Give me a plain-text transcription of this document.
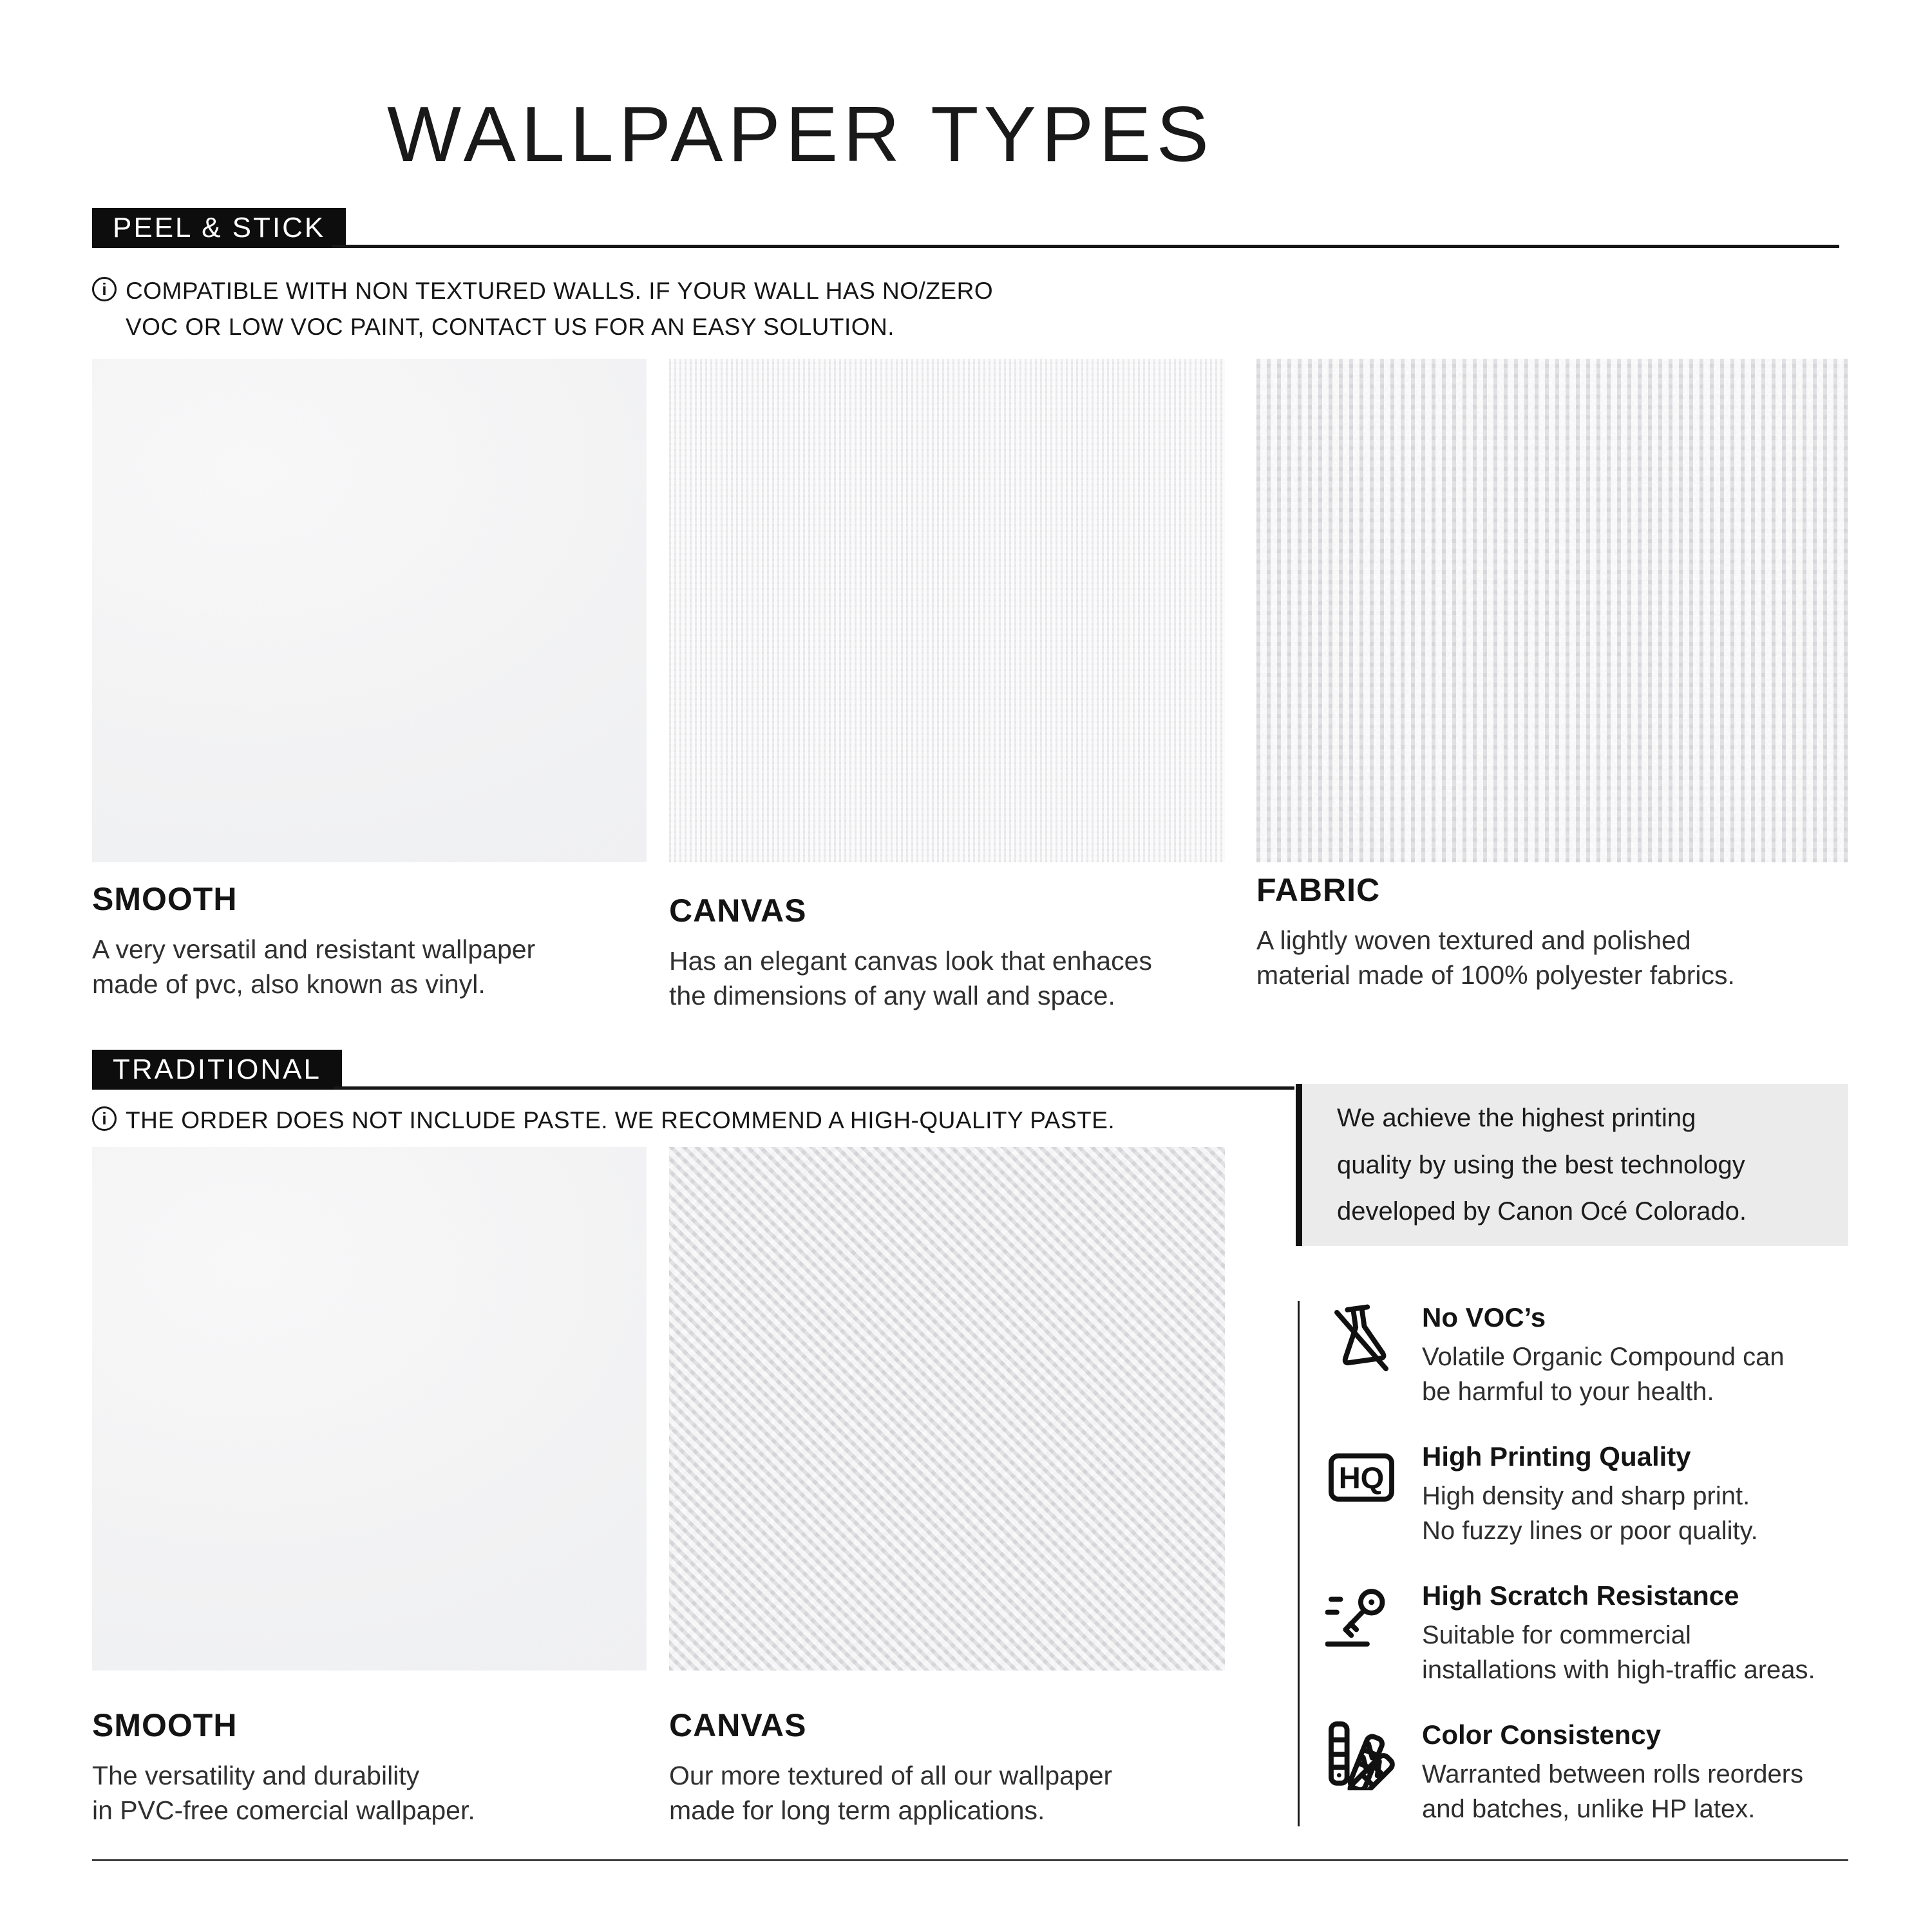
WALLPAPER TYPES
PEEL & STICK
i COMPATIBLE WITH NON TEXTURED WALLS. IF YOUR WALL HAS NO/ZERO
VOC OR LOW VOC PAINT, CONTACT US FOR AN EASY SOLUTION.
SMOOTH
A very versatil and resistant wallpaper
made of pvc, also known as vinyl.
CANVAS
Has an elegant canvas look that enhaces
the dimensions of any wall and space.
FABRIC
A lightly woven textured and polished
material made of 100% polyester fabrics.
TRADITIONAL
i THE ORDER DOES NOT INCLUDE PASTE. WE RECOMMEND A HIGH-QUALITY PASTE.
SMOOTH
The versatility and durability
in PVC-free comercial wallpaper.
CANVAS
Our more textured of all our wallpaper
made for long term applications.
We achieve the highest printing
quality by using the best technology
developed by Canon Océ Colorado.
No VOC’s
Volatile Organic Compound can
be harmful to your health.
HQ
High Printing Quality
High density and sharp print.
No fuzzy lines or poor quality.
High Scratch Resistance
Suitable for commercial
installations with high-traffic areas.
Color Consistency
Warranted between rolls reorders
and batches, unlike HP latex.
